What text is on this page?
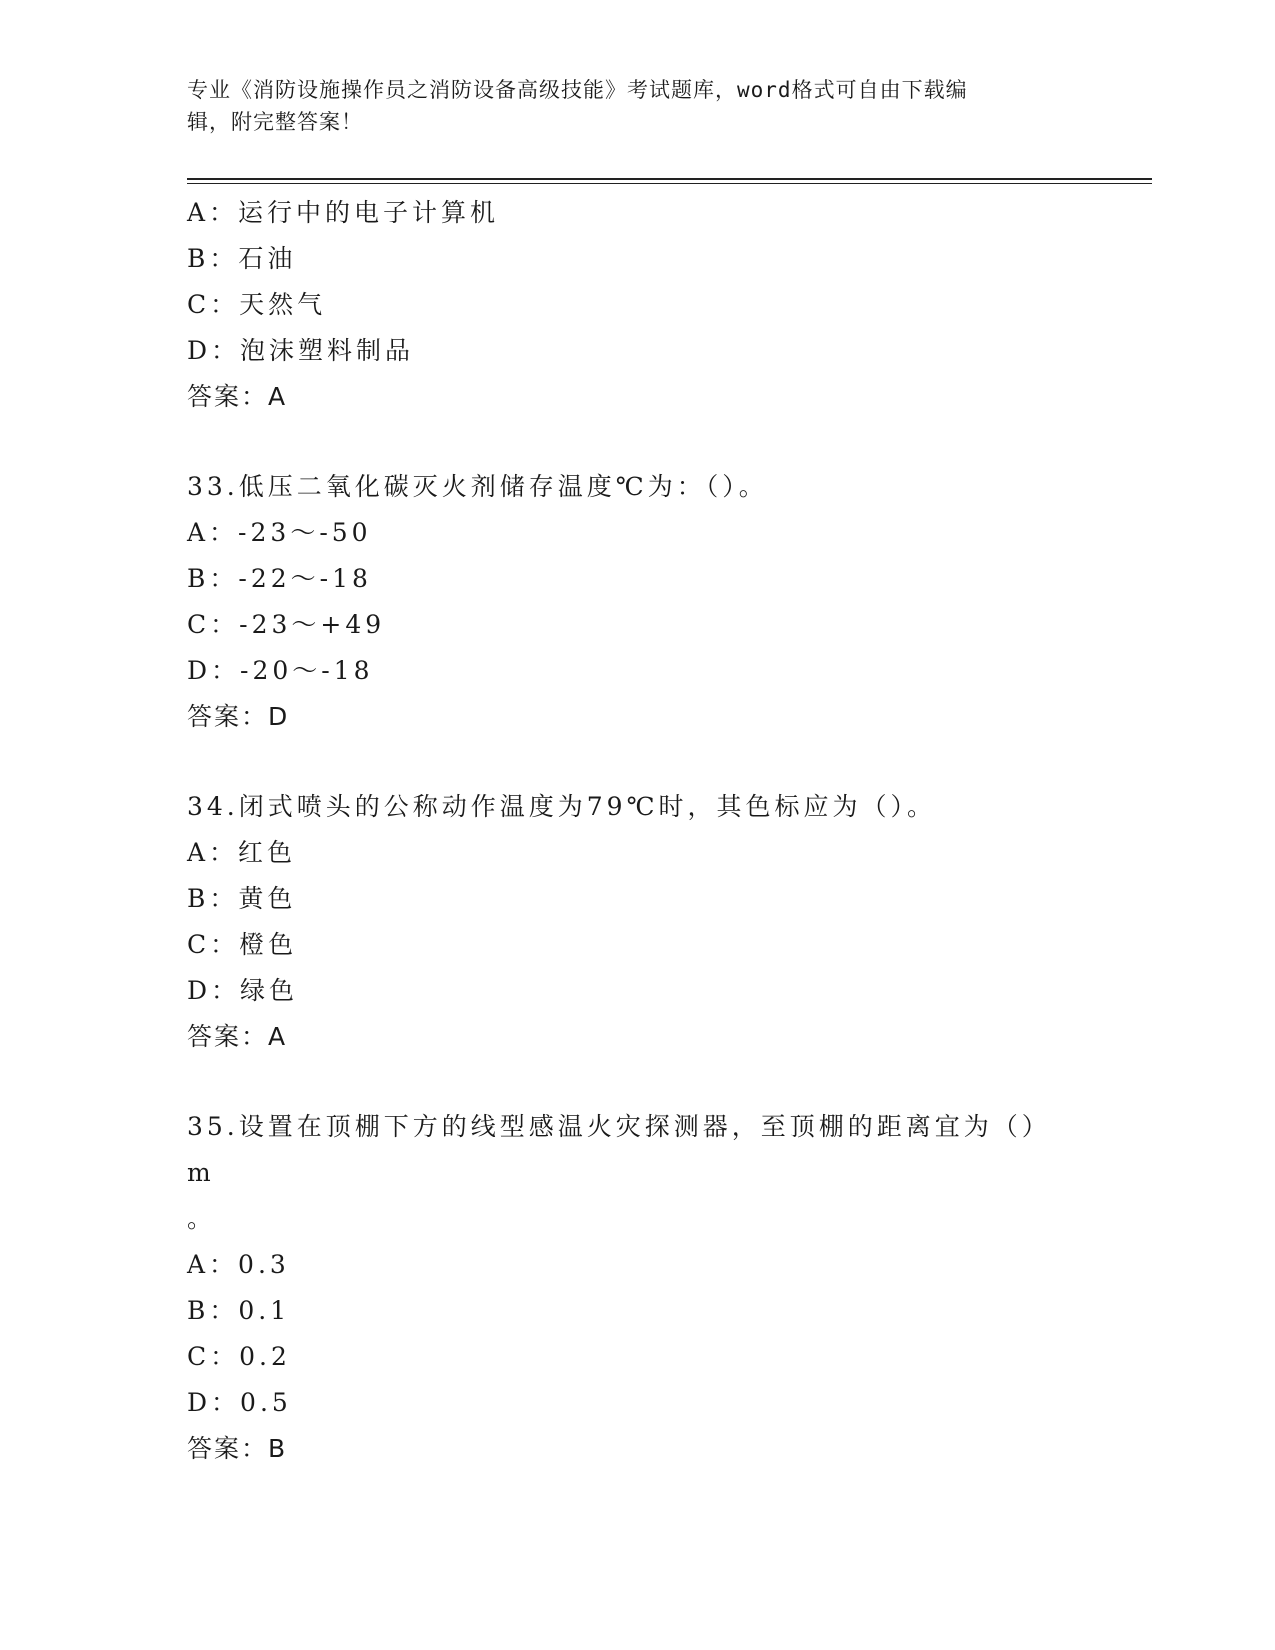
专业《消防设施操作员之消防设备高级技能》考试题库，word格式可自由下载编
辑，附完整答案！
A：运行中的电子计算机
B：石油
C：天然气
D：泡沫塑料制品
答案：A
33.低压二氧化碳灭火剂储存温度℃为：（）。
A：-23～-50
B：-22～-18
C：-23～+49
D：-20～-18
答案：D
34.闭式喷头的公称动作温度为79℃时，其色标应为（）。
A：红色
B：黄色
C：橙色
D：绿色
答案：A
35.设置在顶棚下方的线型感温火灾探测器，至顶棚的距离宜为（）m
。
A：0.3
B：0.1
C：0.2
D：0.5
答案：B
